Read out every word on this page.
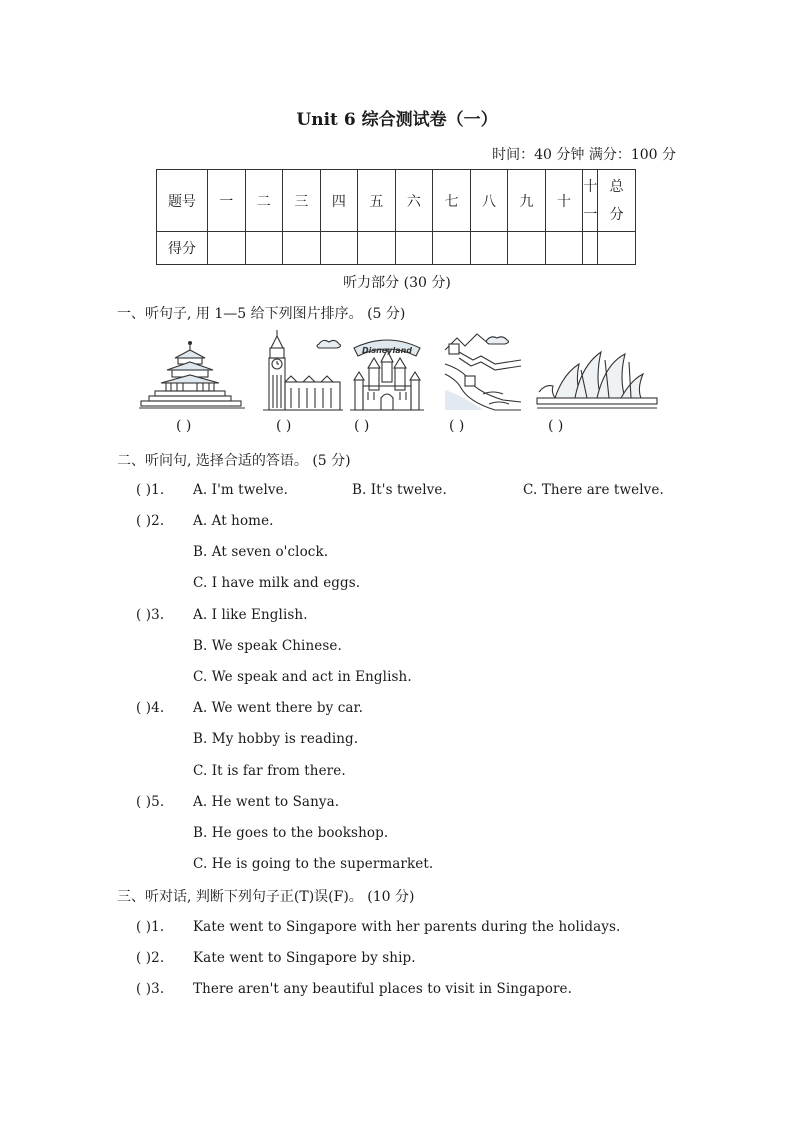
Unit 6 综合测试卷（一）
时间：40 分钟 满分：100 分
题号	一	二	三	四	五	六	七	八	九	十	十一	总分
得分												
听力部分 (30 分)
一、听句子, 用 1—5 给下列图片排序。 (5 分)
Disneyland
( )	( )	( )	( )	( )
二、听问句, 选择合适的答语。 (5 分)
( )1. A. I'm twelve.	B. It's twelve.	C. There are twelve.
( )2. A. At home.
B. At seven o'clock.
C. I have milk and eggs.
( )3. A. I like English.
B. We speak Chinese.
C. We speak and act in English.
( )4. A. We went there by car.
B. My hobby is reading.
C. It is far from there.
( )5. A. He went to Sanya.
B. He goes to the bookshop.
C. He is going to the supermarket.
三、听对话, 判断下列句子正(T)误(F)。 (10 分)
( )1. Kate went to Singapore with her parents during the holidays.
( )2. Kate went to Singapore by ship.
( )3. There aren't any beautiful places to visit in Singapore.
